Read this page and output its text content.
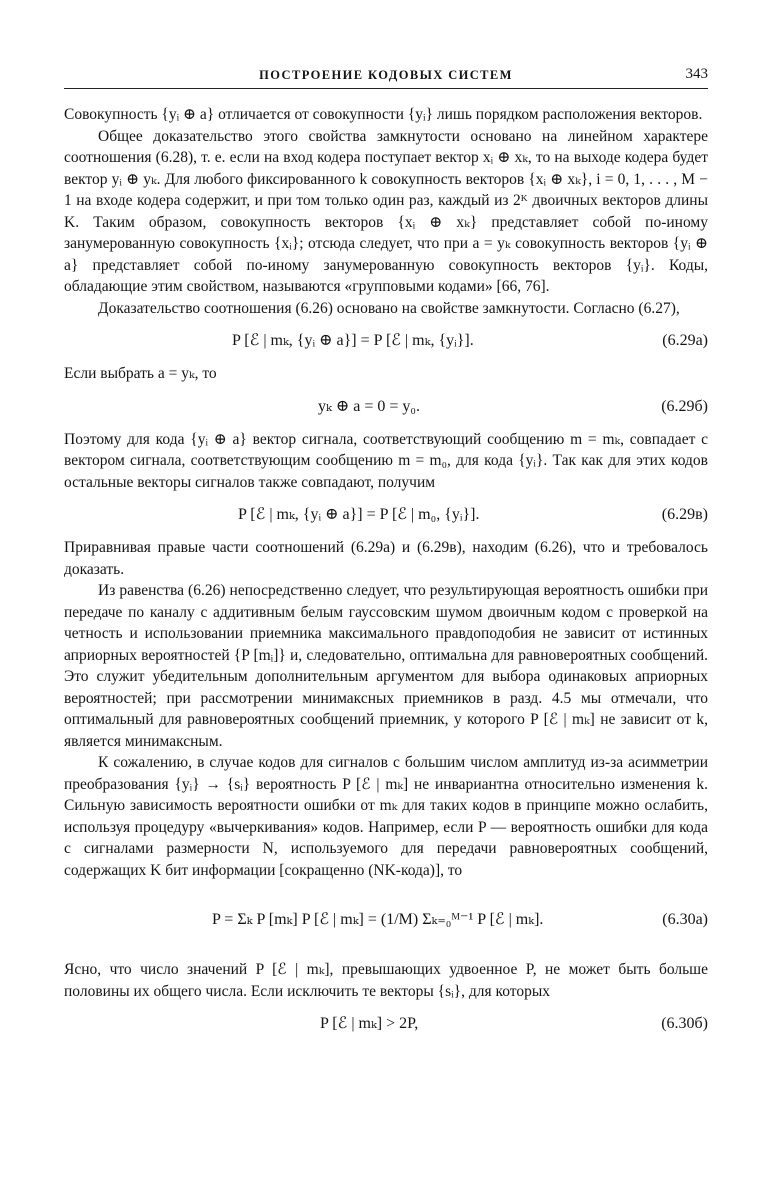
ПОСТРОЕНИЕ КОДОВЫХ СИСТЕМ	343

Совокупность {yᵢ ⊕ a} отличается от совокупности {yᵢ} лишь порядком расположения векторов.

Общее доказательство этого свойства замкнутости основано на линейном характере соотношения (6.28), т. е. если на вход кодера поступает вектор xᵢ ⊕ xₖ, то на выходе кодера будет вектор yᵢ ⊕ yₖ. Для любого фиксированного k совокупность векторов {xᵢ ⊕ xₖ}, i = 0, 1, . . . , M − 1 на входе кодера содержит, и при том только один раз, каждый из 2ᴷ двоичных векторов длины K. Таким образом, совокупность векторов {xᵢ ⊕ xₖ} представляет собой по-иному занумерованную совокупность {xᵢ}; отсюда следует, что при a = yₖ совокупность векторов {yᵢ ⊕ a} представляет собой по-иному занумерованную совокупность векторов {yᵢ}. Коды, обладающие этим свойством, называются «групповыми кодами» [66, 76].

Доказательство соотношения (6.26) основано на свойстве замкнутости. Согласно (6.27),

P [ℰ | mₖ, {yᵢ ⊕ a}] = P [ℰ | mₖ, {yᵢ}].	(6.29а)

Если выбрать a = yₖ, то

yₖ ⊕ a = 0 = y₀.	(6.29б)

Поэтому для кода {yᵢ ⊕ a} вектор сигнала, соответствующий сообщению m = mₖ, совпадает с вектором сигнала, соответствующим сообщению m = m₀, для кода {yᵢ}. Так как для этих кодов остальные векторы сигналов также совпадают, получим

P [ℰ | mₖ, {yᵢ ⊕ a}] = P [ℰ | m₀, {yᵢ}].	(6.29в)

Приравнивая правые части соотношений (6.29а) и (6.29в), находим (6.26), что и требовалось доказать.

Из равенства (6.26) непосредственно следует, что результирующая вероятность ошибки при передаче по каналу с аддитивным белым гауссовским шумом двоичным кодом с проверкой на четность и использовании приемника максимального правдоподобия не зависит от истинных априорных вероятностей {P [mᵢ]} и, следовательно, оптимальна для равновероятных сообщений. Это служит убедительным дополнительным аргументом для выбора одинаковых априорных вероятностей; при рассмотрении минимаксных приемников в разд. 4.5 мы отмечали, что оптимальный для равновероятных сообщений приемник, у которого P [ℰ | mₖ] не зависит от k, является минимаксным.

К сожалению, в случае кодов для сигналов с большим числом амплитуд из-за асимметрии преобразования {yᵢ} → {sᵢ} вероятность P [ℰ | mₖ] не инвариантна относительно изменения k. Сильную зависимость вероятности ошибки от mₖ для таких кодов в принципе можно ослабить, используя процедуру «вычеркивания» кодов. Например, если P — вероятность ошибки для кода с сигналами размерности N, используемого для передачи равновероятных сообщений, содержащих K бит информации [сокращенно (NK-кода)], то

P = Σₖ P [mₖ] P [ℰ | mₖ] = (1/M) Σₖ₌₀ᴹ⁻¹ P [ℰ | mₖ].	(6.30а)

Ясно, что число значений P [ℰ | mₖ], превышающих удвоенное P, не может быть больше половины их общего числа. Если исключить те векторы {sᵢ}, для которых

P [ℰ | mₖ] > 2P,	(6.30б)
